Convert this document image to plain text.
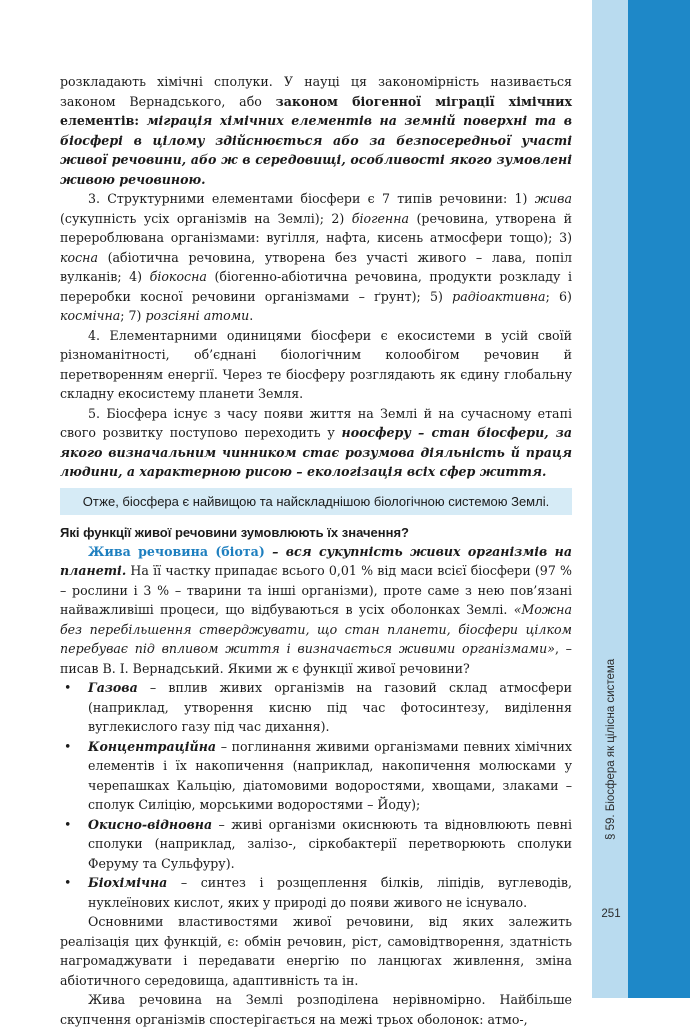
§ 59. Біосфера як цілісна система
251

розкладають хімічні сполуки. У науці ця закономірність називається законом Вернадського, або законом біогенної міграції хімічних елементів: міграція хімічних елементів на земній поверхні та в біосфері в цілому здійснюється або за безпосередньої участі живої речовини, або ж в середовищі, особливості якого зумовлені живою речовиною.

3. Структурними елементами біосфери є 7 типів речовини: 1) жива (сукупність усіх організмів на Землі); 2) біогенна (речовина, утворена й перероблювана організмами: вугілля, нафта, кисень атмосфери тощо); 3) косна (абіотична речовина, утворена без участі живого – лава, попіл вулканів; 4) біокосна (біогенно-абіотична речовина, продукти розкладу і переробки косної речовини організмами – ґрунт); 5) радіоактивна; 6) космічна; 7) розсіяні атоми.

4. Елементарними одиницями біосфери є екосистеми в усій своїй різноманітності, об’єднані біологічним колообігом речовин й перетворенням енергії. Через те біосферу розглядають як єдину глобальну складну екосистему планети Земля.

5. Біосфера існує з часу появи життя на Землі й на сучасному етапі свого розвитку поступово переходить у ноосферу – стан біосфери, за якого визначальним чинником стає розумова діяльність й праця людини, а характерною рисою – екологізація всіх сфер життя.

Отже, біосфера є найвищою та найскладнішою біологічною системою Землі.
Які функції живої речовини зумовлюють їх значення?

Жива речовина (біота) – вся сукупність живих організмів на планеті. На її частку припадає всього 0,01 % від маси всієї біосфери (97 % – рослини і 3 % – тварини та інші організми), проте саме з нею пов’язані найважливіші процеси, що відбуваються в усіх оболонках Землі. «Можна без перебільшення стверджувати, що стан планети, біосфери цілком перебуває під впливом життя і визначається живими організмами», – писав В. І. Вернадський. Якими ж є функції живої речовини?

• Газова – вплив живих організмів на газовий склад атмосфери (наприклад, утворення кисню під час фотосинтезу, виділення вуглекислого газу під час дихання).
• Концентраційна – поглинання живими організмами певних хімічних елементів і їх накопичення (наприклад, накопичення молюсками у черепашках Кальцію, діатомовими водоростями, хвощами, злаками – сполук Силіцію, морськими водоростями – Йоду);
• Окисно-відновна – живі організми окиснюють та відновлюють певні сполуки (наприклад, залізо-, сіркобактерії перетворюють сполуки Феруму та Сульфуру).
• Біохімічна – синтез і розщеплення білків, ліпідів, вуглеводів, нуклеїнових кислот, яких у природі до появи живого не існувало.

Основними властивостями живої речовини, від яких залежить реалізація цих функцій, є: обмін речовин, ріст, самовідтворення, здатність нагромаджувати і передавати енергію по ланцюгах живлення, зміна абіотичного середовища, адаптивність та ін.

Жива речовина на Землі розподілена нерівномірно. Найбільше скупчення організмів спостерігається на межі трьох оболонок: атмо-,
